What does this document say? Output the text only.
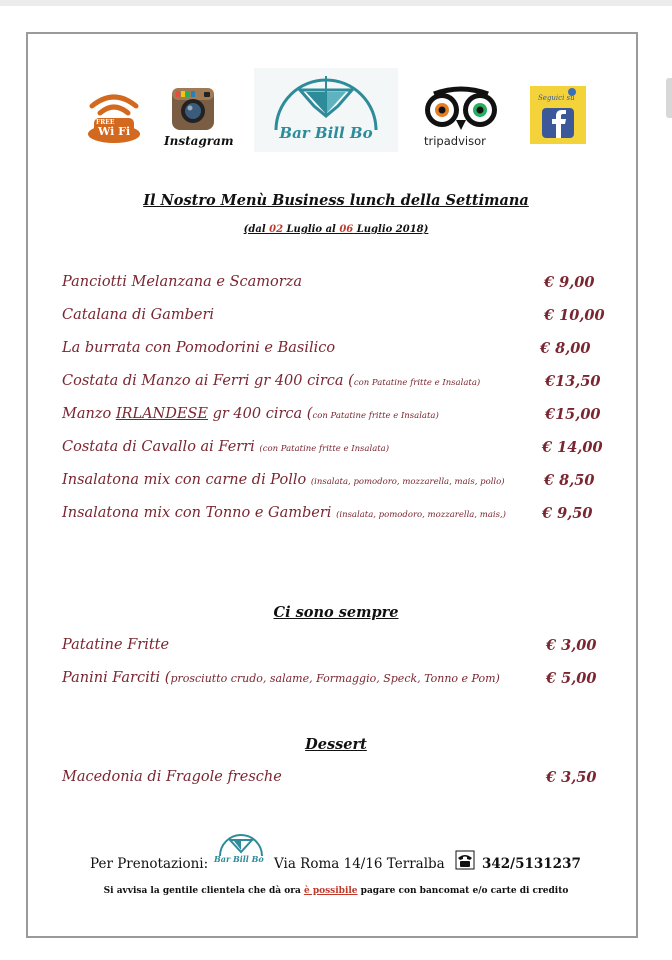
FREE
Wi Fi
Instagram	Bar Bill Bo	tripadvisor
Seguici su
Il Nostro Menù Business lunch della Settimana
(dal 02 Luglio al 06 Luglio 2018)
Panciotti Melanzana e Scamorza	€ 9,00
Catalana di Gamberi	€ 10,00
La burrata con Pomodorini e Basilico	€ 8,00
Costata di Manzo ai Ferri gr 400 circa (con Patatine fritte e Insalata)	€13,50
Manzo IRLANDESE gr 400 circa (con Patatine fritte e Insalata)	€15,00
Costata di Cavallo ai Ferri (con Patatine fritte e Insalata)	€ 14,00
Insalatona mix con carne di Pollo (insalata, pomodoro, mozzarella, mais, pollo)	€ 8,50
Insalatona mix con Tonno e Gamberi (insalata, pomodoro, mozzarella, mais,) € 9,50
Ci sono sempre
Patatine Fritte	€ 3,00
Panini Farciti (prosciutto crudo, salame, Formaggio, Speck, Tonno e Pom)	€ 5,00
Dessert
Macedonia di Fragole fresche	€ 3,50
Per Prenotazioni: Bar Bill Bo Via Roma 14/16 Terralba	342/5131237
Si avvisa la gentile clientela che dà ora è possibile pagare con bancomat e/o carte di credito
